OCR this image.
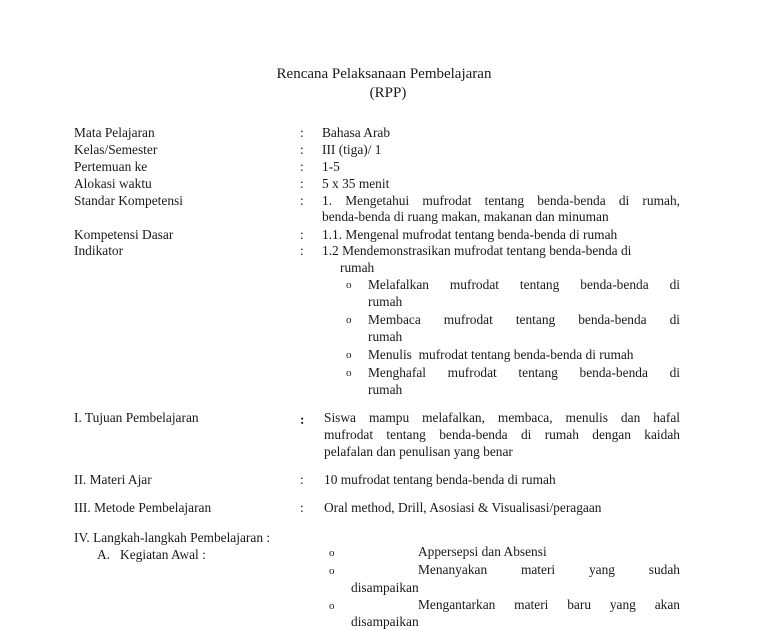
Rencana Pelaksanaan Pembelajaran
(RPP)
Mata Pelajaran	: Bahasa Arab
Kelas/Semester	: III (tiga)/ 1
Pertemuan ke	: 1-5
Alokasi waktu	: 5 x 35 menit
Standar Kompetensi	: 1. Mengetahui mufrodat tentang benda-benda di rumah,
benda-benda di ruang makan, makanan dan minuman
Kompetensi Dasar	: 1.1. Mengenal mufrodat tentang benda-benda di rumah
Indikator	: 1.2 Mendemonstrasikan mufrodat tentang benda-benda di
rumah
o Melafalkan mufrodat tentang benda-benda di
rumah
o Membaca mufrodat tentang benda-benda di
rumah
o Menulis  mufrodat tentang benda-benda di rumah
o Menghafal mufrodat tentang benda-benda di
rumah
I. Tujuan Pembelajaran	: Siswa mampu melafalkan, membaca, menulis dan hafal
mufrodat tentang benda-benda di rumah dengan kaidah
pelafalan dan penulisan yang benar
II. Materi Ajar	: 10 mufrodat tentang benda-benda di rumah
III. Metode Pembelajaran	: Oral method, Drill, Asosiasi & Visualisasi/peragaan
IV. Langkah-langkah Pembelajaran :
A.   Kegiatan Awal :	o	Appersepsi dan Absensi
o	Menanyakan materi yang sudah
disampaikan
o	Mengantarkan materi baru yang akan
disampaikan
